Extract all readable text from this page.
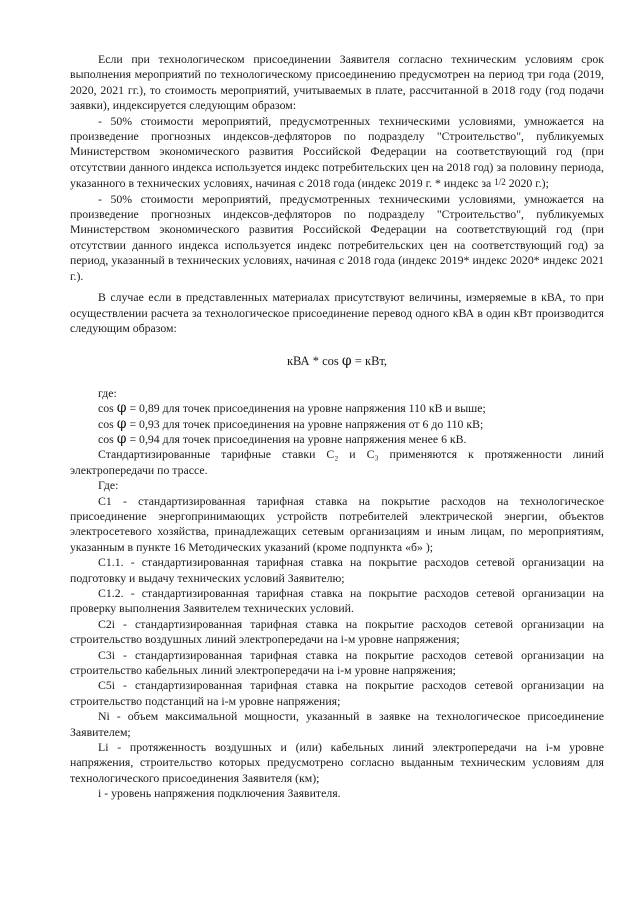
Если при технологическом присоединении Заявителя согласно техническим условиям срок выполнения мероприятий по технологическому присоединению предусмотрен на период три года (2019, 2020, 2021 гг.), то стоимость мероприятий, учитываемых в плате, рассчитанной в 2018 году (год подачи заявки), индексируется следующим образом:

- 50% стоимости мероприятий, предусмотренных техническими условиями, умножается на произведение прогнозных индексов-дефляторов по подразделу "Строительство", публикуемых Министерством экономического развития Российской Федерации на соответствующий год (при отсутствии данного индекса используется индекс потребительских цен на 2018 год) за половину периода, указанного в технических условиях, начиная с 2018 года (индекс 2019 г. * индекс за 1/2 2020 г.);

- 50% стоимости мероприятий, предусмотренных техническими условиями, умножается на произведение прогнозных индексов-дефляторов по подразделу "Строительство", публикуемых Министерством экономического развития Российской Федерации на соответствующий год (при отсутствии данного индекса используется индекс потребительских цен на соответствующий год) за период, указанный в технических условиях, начиная с 2018 года (индекс 2019* индекс 2020* индекс 2021 г.).

В случае если в представленных материалах присутствуют величины, измеряемые в кВА, то при осуществлении расчета за технологическое присоединение перевод одного кВА в один кВт производится следующим образом:

кВА * cos φ = кВт,

где:

cos φ = 0,89 для точек присоединения на уровне напряжения 110 кВ и выше;

cos φ = 0,93 для точек присоединения на уровне напряжения от 6 до 110 кВ;

cos φ = 0,94 для точек присоединения на уровне напряжения менее 6 кВ.

Стандартизированные тарифные ставки С₂ и С₃ применяются к протяженности линий электропередачи по трассе.

Где:

С1 - стандартизированная тарифная ставка на покрытие расходов на технологическое присоединение энергопринимающих устройств потребителей электрической энергии, объектов электросетевого хозяйства, принадлежащих сетевым организациям и иным лицам, по мероприятиям, указанным в пункте 16 Методических указаний (кроме подпункта «б» );

С1.1. - стандартизированная тарифная ставка на покрытие расходов сетевой организации на подготовку и выдачу технических условий Заявителю;

С1.2. - стандартизированная тарифная ставка на покрытие расходов сетевой организации на проверку выполнения Заявителем технических условий.

С2i - стандартизированная тарифная ставка на покрытие расходов сетевой организации на строительство воздушных линий электропередачи на i-м уровне напряжения;

С3i - стандартизированная тарифная ставка на покрытие расходов сетевой организации на строительство кабельных линий электропередачи на i-м уровне напряжения;

С5i - стандартизированная тарифная ставка на покрытие расходов сетевой организации на строительство подстанций на i-м уровне напряжения;

Ni - объем максимальной мощности, указанный в заявке на технологическое присоединение Заявителем;

Li - протяженность воздушных и (или) кабельных линий электропередачи на i-м уровне напряжения, строительство которых предусмотрено согласно выданным техническим условиям для технологического присоединения Заявителя (км);

i - уровень напряжения подключения Заявителя.
